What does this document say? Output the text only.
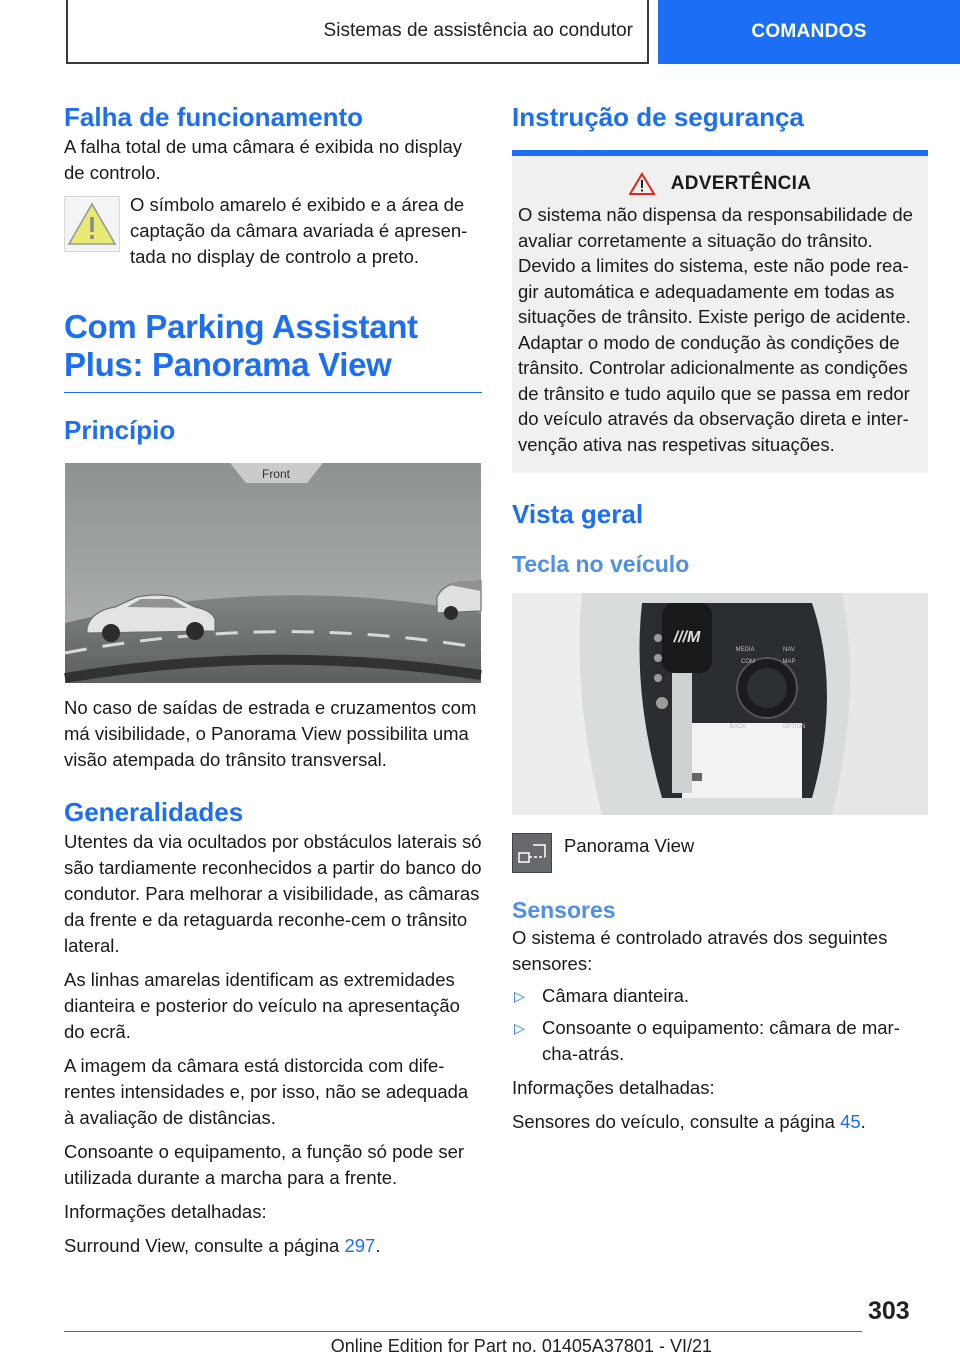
Sistemas de assistência ao condutor	COMANDOS
Falha de funcionamento

A falha total de uma câmara é exibida no display de controlo.

O símbolo amarelo é exibido e a área de captação da câmara avariada é apresen-tada no display de controlo a preto.

Com Parking Assistant Plus: Panorama View
Princípio
Front

No caso de saídas de estrada e cruzamentos com má visibilidade, o Panorama View possibilita uma visão atempada do trânsito transversal.

Generalidades

Utentes da via ocultados por obstáculos laterais só são tardiamente reconhecidos a partir do banco do condutor. Para melhorar a visibilidade, as câmaras da frente e da retaguarda reconhe-cem o trânsito lateral.

As linhas amarelas identificam as extremidades dianteira e posterior do veículo na apresentação do ecrã.

A imagem da câmara está distorcida com dife-rentes intensidades e, por isso, não se adequada à avaliação de distâncias.

Consoante o equipamento, a função só pode ser utilizada durante a marcha para a frente.

Informações detalhadas:

Surround View, consulte a página 297.

Instrução de segurança
ADVERTÊNCIA

O sistema não dispensa da responsabilidade de avaliar corretamente a situação do trânsito. Devido a limites do sistema, este não pode rea-gir automática e adequadamente em todas as situações de trânsito. Existe perigo de acidente. Adaptar o modo de condução às condições de trânsito. Controlar adicionalmente as condições de trânsito e tudo aquilo que se passa em redor do veículo através da observação direta e inter-venção ativa nas respetivas situações.

Vista geral
Tecla no veículo
///M
MEDIA	NAV
COM	MAP
BACK	OPTION

Panorama View

Sensores

O sistema é controlado através dos seguintes sensores:

▷ Câmara dianteira.
▷ Consoante o equipamento: câmara de mar-cha-atrás.

Informações detalhadas:

Sensores do veículo, consulte a página 45.

303
Online Edition for Part no. 01405A37801 - VI/21
